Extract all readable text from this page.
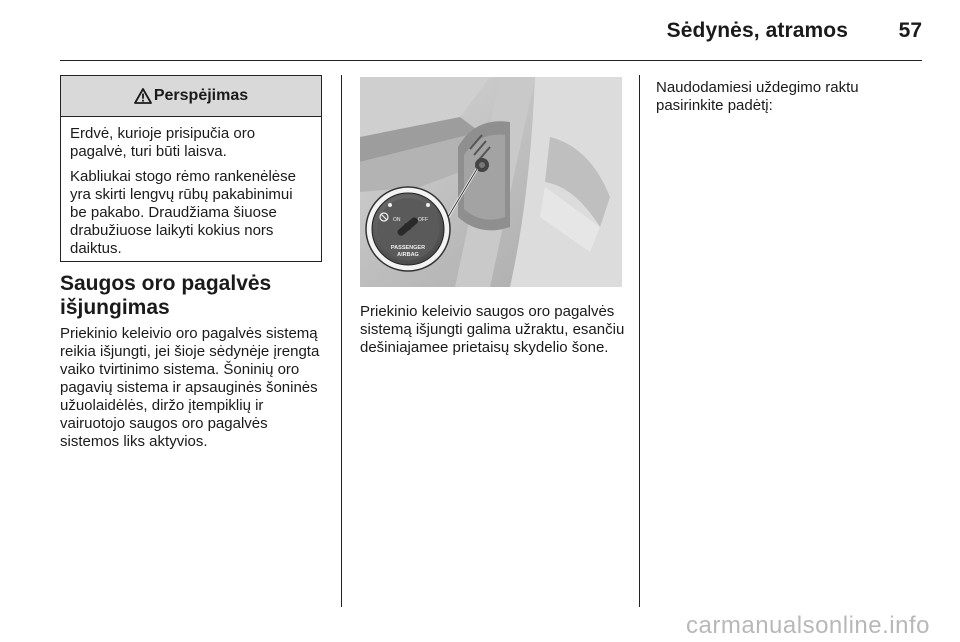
Sėdynės, atramos	57
Perspėjimas

Erdvė, kurioje prisipučia oro pagalvė, turi būti laisva.

Kabliukai stogo rėmo rankenėlėse yra skirti lengvų rūbų pakabinimui be pakabo. Draudžiama šiuose drabužiuose laikyti kokius nors daiktus.

Saugos oro pagalvės išjungimas

Priekinio keleivio oro pagalvės sistemą reikia išjungti, jei šioje sėdynėje įrengta vaiko tvirtinimo sistema. Šoninių oro pagavių sistema ir apsauginės šoninės užuolaidėlės, diržo įtempiklių ir vairuotojo saugos oro pagalvės sistemos liks aktyvios.

ON	OFF
PASSENGER
AIRBAG

Priekinio keleivio saugos oro pagalvės sistemą išjungti galima užraktu, esančiu dešiniajamee prietaisų skydelio šone.

Naudodamiesi uždegimo raktu pasirinkite padėtį:

carmanualsonline.info
